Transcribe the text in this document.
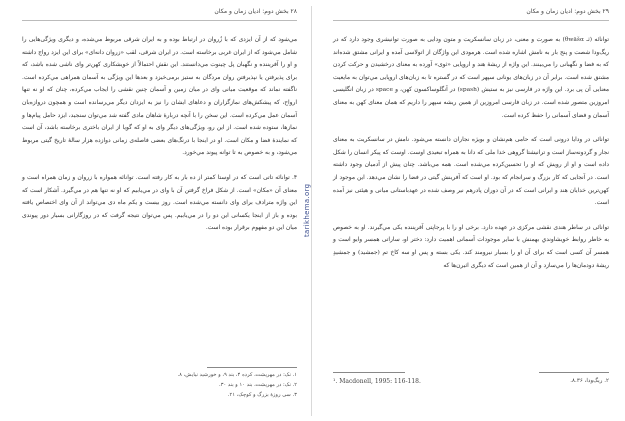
۲۸ بخش دوم: ادیان زمان و مکان

مي‌شود که از آن ایزدی که با زُروان در ارتباط بوده و به ایران شرقی مربوط مي‌شده، و دیگری ویژگی‌هایی را شامل مي‌شود که از ایران غربی برخاسته است. در ایران شرقی، لقب «زروان دانه‌ای» برای این ایزد رواج داشته و او را آفریننده و نگهبان پل چینوت مي‌دانستند. این نقش احتمالاً از خویشکاری کهن‌تر وای ناشی شده باشد، که برای پذیرفتن یا نپذیرفتن روان مردگان به ستیز برمی‌خیزد و بعدها این ویژگی به آسمان همراهی مي‌کرده است. ناگفته نماند که موقعیت میانی وای در میان زمین و آسمان چنین نقشی را ایجاب مي‌کرده، چنان که او نه تنها ارواح، که پیشکش‌های نمازگزاران و دعاهای ایشان را نیز به ایزدان دیگر مي‌رسانده است و همچون دروازه‌بان آسمان عمل مي‌کرده است. این سخن را با آنچه دربارهٔ شاهان مادی گفته شد مي‌توان سنجید، ایزد حامل پیام‌ها و نمازها، ستوده شده است. از این رو، ویژگی‌های دیگر وای به او که گویا از ایران باختری برخاسته باشد، آن است که نمایندهٔ فضا و مکان است. او در اینجا با درنگ‌های بعضی فاصله‌ی زمانی دوازده هزار سالهٔ تاریخ گیتی مربوط مي‌شود، و به خصوص به تا توانه پیوند مي‌خورد.

۴. توانائه تاتی است که در اوستا کمتر از ده بار به کار رفته است. توانائه همواره با زروان و زمان همراه است و معنای آن «مکان» است. از شکل فراخ گرفتن آن با وای در مي‌یابیم که او نه تنها هم در مي‌گیرد. آشکار است که این واژه مترادف برای وای دانسته مي‌شده است. روز بیست و یکم ماه دی مي‌تواند از آن وای اختصاص یافته بوده و باز از اینجا یکسانی این دو را در مي‌یابیم. پس مي‌توان نتیجه گرفت که در روزگارانی بسیار دور پیوندی میان این دو مفهوم برقرار بوده است.

۱. نک: در مهریشت، کرده ۴، بند ۹، و خورشید نیایش، ۸.
۲. نک: در مهریشت، بند ۱۰ و بند ۳۰.
۳. سی روزهٔ بزرگ و کوچک، ۲۱.
tarikhema.org
۲۹ بخش دوم: ادیان زمان و مکان

توانائه (ثـ θwāšα) به صورت و معنی، در زبان سانسکریت و متون ودایی به صورت توانیشری وجود دارد که در ریگ‌ودا شصت و پنج بار به نامش اشاره شده است. هرمودی این واژگان از اتولاسی آمده و ایرانی مشتق شده‌اند که به فضا و نگهبانی را مي‌بینند. این واژه از ریشهٔ هند و اروپایی «ثوی» آورده به معنای درخشیدن و حرکت کردن مشتق شده است. برابر آن در زبان‌های یونانی سپهر است که در گستره تا به زبان‌های اروپایی مي‌توان به مایعیت معنایی آن پی برد. این واژه در فارسی نیز به ستیش (spash) در آنگلوساکسون کهن، و space در زبان انگلیسی امروزین متصور شده است. در زبان فارسی امروزین از همین ریشه سپهر را داریم که همان معنای کهن به معنای آسمان و فضای آسمانی را حفظ کرده است.

توانائی در ودایا درونی است که حامی هم‌نشان و بویژه نجاران دانسته مي‌شود. نامش در سانسکریت به معنای نجار و گردونه‌ساز است و ترانیشتا گروهی خدا ملی که دانا به همراه تبعیدی اوست. اوست که پیکر انسان را شکل داده است و او از رویش که او را تحسین‌کرده مي‌شده است. همه مي‌باشد. چنان پیش از آدمیان وجود داشته است. در آنجایی که کار بزرگ و سرانجام که بود. او است که آفرینش گیتی در فضا را نشان مي‌دهد. این موجود از کهن‌ترین خدایان هند و ایرانی است که در آن دوران پادرهم نیر وصف شده در عهدباستانی میانی و هیئتی نیز آمده است.

توانائی در ساطر هندی نقشی مرکزی در عهده دارد. برخی او را با پرجاپتی آفریننده یکی مي‌گیرند. او به خصوص به خاطر روابط خویشاوندیِ بهمنش با سایر موجودات آسمانی اهمیت دارد: دختر او، ساراتی همسر وایو است و همسر آن کسی است که برای آن او را بسیار نیرومند کند. یکی بسته و پس او سه کاخ تم (جمشید) و جمشیدِ ریشهٔ دودمان‌ها را مي‌سازد و آن از همین است که دیگری اثیرن‌ها که

¹. Macdonell, 1995: 116-118.	۲. ریگ‌ودا، ۸.۳۶.
